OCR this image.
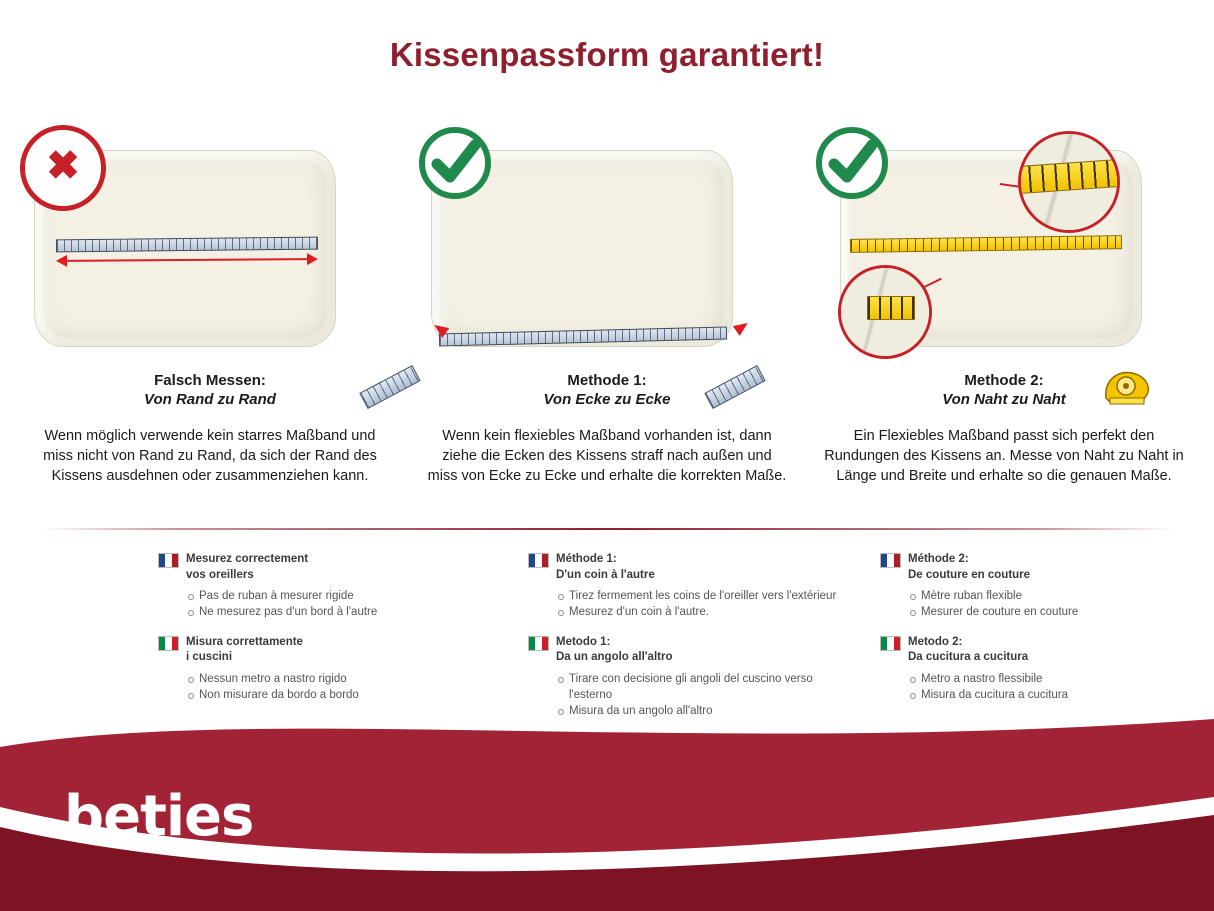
Kissenpassform garantiert!
✖
Falsch Messen:
Von Rand zu Rand
Wenn möglich verwende kein starres Maßband und miss nicht von Rand zu Rand, da sich der Rand des Kissens ausdehnen oder zusammenziehen kann.
Methode 1:
Von Ecke zu Ecke
Wenn kein flexiebles Maßband vorhanden ist, dann ziehe die Ecken des Kissens straff nach außen und miss von Ecke zu Ecke und erhalte die korrekten Maße.
Methode 2:
Von Naht zu Naht
Ein Flexiebles Maßband passt sich perfekt den Rundungen des Kissens an. Messe von Naht zu Naht in Länge und Breite und erhalte so die genauen Maße.
Mesurez correctement
vos oreillers
Pas de ruban à mesurer rigide
Ne mesurez pas d'un bord à l'autre
Misura correttamente
i cuscini
Nessun metro a nastro rigido
Non misurare da bordo a bordo
Méthode 1:
D'un coin à l'autre
Tirez fermement les coins de l'oreiller vers l'extérieur
Mesurez d'un coin à l'autre.
Metodo 1:
Da un angolo all'altro
Tirare con decisione gli angoli del cuscino verso l'esterno
Misura da un angolo all'altro
Méthode 2:
De couture en couture
Mètre ruban flexible
Mesurer de couture en couture
Metodo 2:
Da cucitura a cucitura
Metro a nastro flessibile
Misura da cucitura a cucitura
beties
